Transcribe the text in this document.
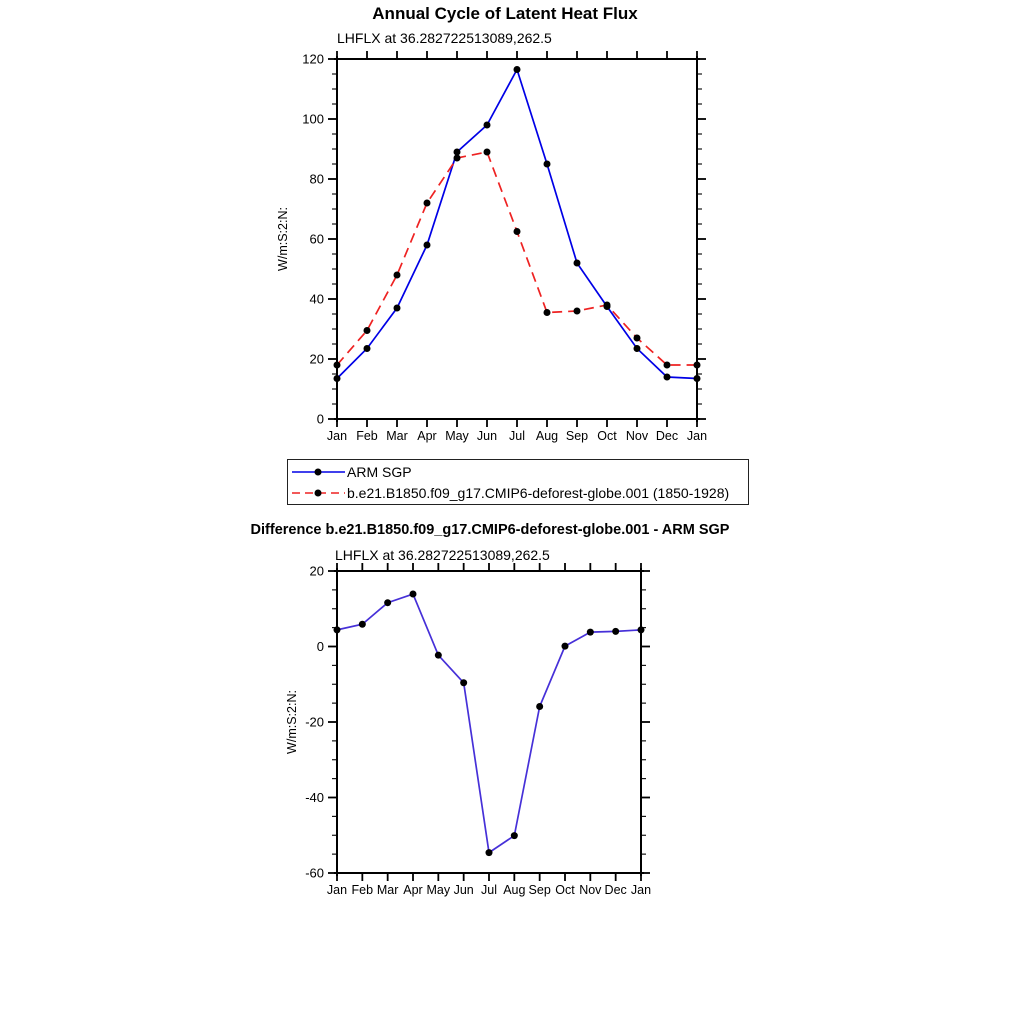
0
20
40
60
80
100
120
Jan Feb Mar Apr May Jun Jul Aug Sep Oct Nov Dec Jan
-60
-40
-20
0
20
Jan Feb Mar Apr May Jun Jul Aug Sep Oct Nov Dec Jan
Annual Cycle of Latent Heat Flux
LHFLX at 36.282722513089,262.5
W/m:S:2:N:
ARM SGP
b.e21.B1850.f09_g17.CMIP6-deforest-globe.001 (1850-1928)
Difference b.e21.B1850.f09_g17.CMIP6-deforest-globe.001 - ARM SGP
LHFLX at 36.282722513089,262.5
W/m:S:2:N:
